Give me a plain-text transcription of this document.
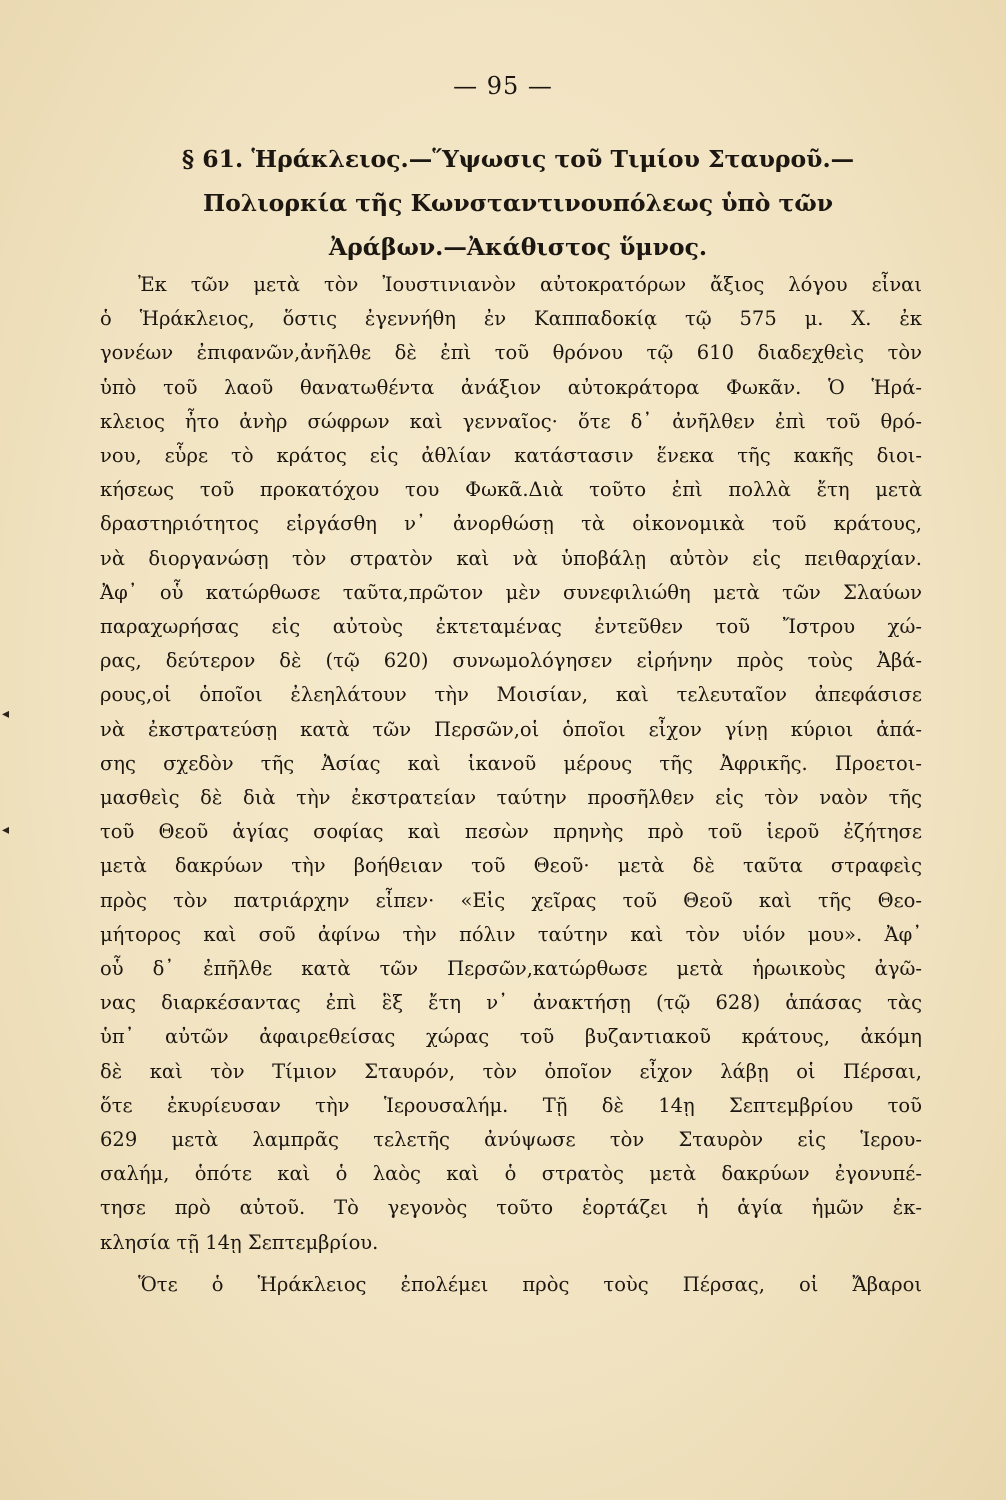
— 95 —
§ 61. Ἡράκλειος.—Ὕψωσις τοῦ Τιμίου Σταυροῦ.—
Πολιορκία τῆς Κωνσταντινουπόλεως ὑπὸ τῶν
Ἀράβων.—Ἀκάθιστος ὕμνος.
◂
◂
Ἐκ τῶν μετὰ τὸν Ἰουστινιανὸν αὐτοκρατόρων ἄξιος λόγου εἶναι
ὁ Ἡράκλειος, ὅστις ἐγεννήθη ἐν Καππαδοκίᾳ τῷ 575 μ. Χ. ἐκ
γονέων ἐπιφανῶν,ἀνῆλθε δὲ ἐπὶ τοῦ θρόνου τῷ 610 διαδεχθεὶς τὸν
ὑπὸ τοῦ λαοῦ θανατωθέντα ἀνάξιον αὐτοκράτορα Φωκᾶν. Ὁ Ἡρά-
κλειος ἦτο ἀνὴρ σώφρων καὶ γενναῖος· ὅτε δ᾽ ἀνῆλθεν ἐπὶ τοῦ θρό-
νου, εὗρε τὸ κράτος εἰς ἀθλίαν κατάστασιν ἕνεκα τῆς κακῆς διοι-
κήσεως τοῦ προκατόχου του Φωκᾶ.Διὰ τοῦτο ἐπὶ πολλὰ ἔτη μετὰ
δραστηριότητος εἰργάσθη ν᾽ ἀνορθώσῃ τὰ οἰκονομικὰ τοῦ κράτους,
νὰ διοργανώσῃ τὸν στρατὸν καὶ νὰ ὑποβάλῃ αὐτὸν εἰς πειθαρχίαν.
Ἀφ᾽ οὗ κατώρθωσε ταῦτα,πρῶτον μὲν συνεφιλιώθη μετὰ τῶν Σλαύων
παραχωρήσας εἰς αὐτοὺς ἐκτεταμένας ἐντεῦθεν τοῦ Ἴστρου χώ-
ρας, δεύτερον δὲ (τῷ 620) συνωμολόγησεν εἰρήνην πρὸς τοὺς Ἀβά-
ρους,οἱ ὁποῖοι ἐλεηλάτουν τὴν Μοισίαν, καὶ τελευταῖον ἀπεφάσισε
νὰ ἐκστρατεύσῃ κατὰ τῶν Περσῶν,οἱ ὁποῖοι εἶχον γίνῃ κύριοι ἁπά-
σης σχεδὸν τῆς Ἀσίας καὶ ἱκανοῦ μέρους τῆς Ἀφρικῆς. Προετοι-
μασθεὶς δὲ διὰ τὴν ἐκστρατείαν ταύτην προσῆλθεν εἰς τὸν ναὸν τῆς
τοῦ Θεοῦ ἁγίας σοφίας καὶ πεσὼν πρηνὴς πρὸ τοῦ ἱεροῦ ἐζήτησε
μετὰ δακρύων τὴν βοήθειαν τοῦ Θεοῦ· μετὰ δὲ ταῦτα στραφεὶς
πρὸς τὸν πατριάρχην εἶπεν· «Εἰς χεῖρας τοῦ Θεοῦ καὶ τῆς Θεο-
μήτορος καὶ σοῦ ἀφίνω τὴν πόλιν ταύτην καὶ τὸν υἱόν μου». Ἀφ᾽
οὗ δ᾽ ἐπῆλθε κατὰ τῶν Περσῶν,κατώρθωσε μετὰ ἡρωικοὺς ἀγῶ-
νας διαρκέσαντας ἐπὶ ἓξ ἔτη ν᾽ ἀνακτήσῃ (τῷ 628) ἁπάσας τὰς
ὑπ᾽ αὐτῶν ἀφαιρεθείσας χώρας τοῦ βυζαντιακοῦ κράτους, ἀκόμη
δὲ καὶ τὸν Τίμιον Σταυρόν, τὸν ὁποῖον εἶχον λάβῃ οἱ Πέρσαι,
ὅτε ἐκυρίευσαν τὴν Ἱερουσαλήμ. Τῇ δὲ 14ῃ Σεπτεμβρίου τοῦ
629 μετὰ λαμπρᾶς τελετῆς ἀνύψωσε τὸν Σταυρὸν εἰς Ἱερου-
σαλήμ, ὁπότε καὶ ὁ λαὸς καὶ ὁ στρατὸς μετὰ δακρύων ἐγονυπέ-
τησε πρὸ αὐτοῦ. Τὸ γεγονὸς τοῦτο ἑορτάζει ἡ ἁγία ἡμῶν ἐκ-
κλησία τῇ 14ῃ Σεπτεμβρίου.
Ὅτε ὁ Ἡράκλειος ἐπολέμει πρὸς τοὺς Πέρσας, οἱ Ἄβαροι
